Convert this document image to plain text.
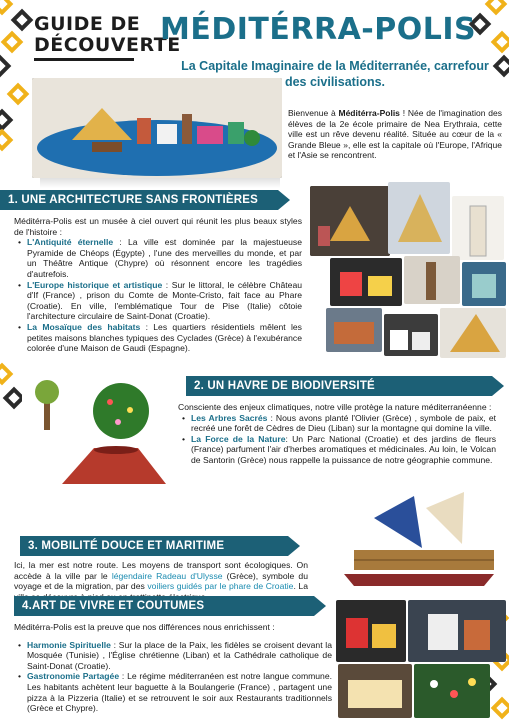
GUIDE DE
DÉCOUVERTE
MÉDITÉRRA-POLIS
La Capitale Imaginaire de la Méditerranée, carrefour des civilisations.
Bienvenue à Méditérra-Polis ! Née de l'imagination des élèves de la 2e école primaire de Nea Erythraia, cette ville est un rêve devenu réalité. Située au cœur de la « Grande Bleue », elle est la capitale où l'Europe, l'Afrique et l'Asie se rencontrent.
1. UNE ARCHITECTURE SANS FRONTIÈRES
Méditérra-Polis est un musée à ciel ouvert qui réunit les plus beaux styles de l'histoire :
• L'Antiquité éternelle : La ville est dominée par la majestueuse Pyramide de Chéops (Égypte) , l'une des merveilles du monde, et par un Théâtre Antique (Chypre) où résonnent encore les tragédies d'autrefois.
• L'Europe historique et artistique : Sur le littoral, le célèbre Château d'If (France) , prison du Comte de Monte-Cristo, fait face au Phare (Croatie). En ville, l'emblématique Tour de Pise (Italie) côtoie l'architecture circulaire de Saint-Donat (Croatie).
• La Mosaïque des habitats : Les quartiers résidentiels mêlent les petites maisons blanches typiques des Cyclades (Grèce) à l'exubérance colorée d'une Maison de Gaudi (Espagne).
2. UN HAVRE DE BIODIVERSITÉ
Consciente des enjeux climatiques, notre ville protège la nature méditerranéenne :
• Les Arbres Sacrés : Nous avons planté l'Olivier (Grèce) , symbole de paix, et recréé une forêt de Cèdres de Dieu (Liban) sur la montagne qui domine la ville.
• La Force de la Nature: Un Parc National (Croatie) et des jardins de fleurs (France) parfument l'air d'herbes aromatiques et médicinales. Au loin, le Volcan de Santorin (Grèce) nous rappelle la puissance de notre géographie commune.
3. MOBILITÉ DOUCE ET MARITIME
Ici, la mer est notre route. Les moyens de transport sont écologiques. On accède à la ville par le légendaire Radeau d'Ulysse (Grèce), symbole du voyage et de la migration, par des voiliers guidés par le phare de Croatie. La
4.ART DE VIVRE ET COUTUMES
Méditérra-Polis est la preuve que nos différences nous enrichissent :
• Harmonie Spirituelle : Sur la place de la Paix, les fidèles se croisent devant la Mosquée (Tunisie) , l'Église chrétienne (Liban) et la Cathédrale catholique de Saint-Donat (Croatie).
• Gastronomie Partagée : Le régime méditerranéen est notre langue commune. Les habitants achètent leur baguette à la Boulangerie (France) , partagent une pizza à la Pizzeria (Italie) et se retrouvent le soir aux Restaurants traditionnels (Grèce et Chypre).
